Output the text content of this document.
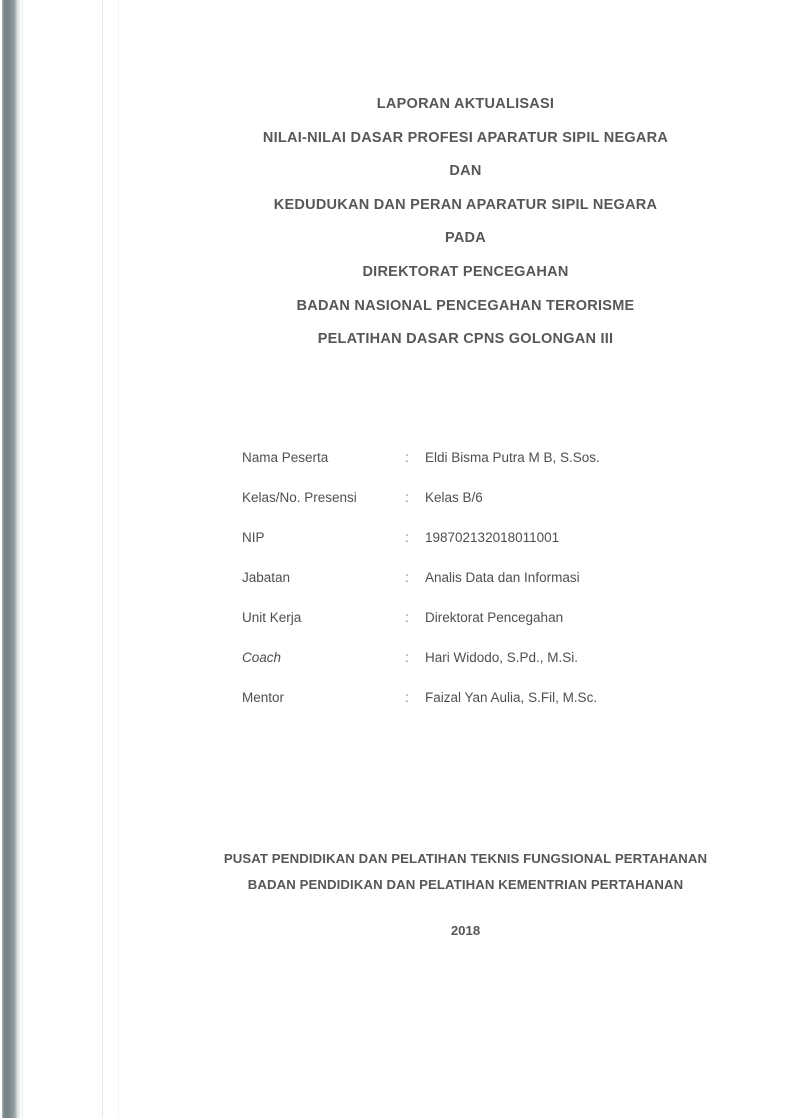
LAPORAN AKTUALISASI
NILAI-NILAI DASAR PROFESI APARATUR SIPIL NEGARA
DAN
KEDUDUKAN DAN PERAN APARATUR SIPIL NEGARA
PADA
DIREKTORAT PENCEGAHAN
BADAN NASIONAL PENCEGAHAN TERORISME
PELATIHAN DASAR CPNS GOLONGAN III
Nama Peserta	:	Eldi Bisma Putra M B, S.Sos.
Kelas/No. Presensi	:	Kelas B/6
NIP	:	198702132018011001
Jabatan	:	Analis Data dan Informasi
Unit Kerja	:	Direktorat Pencegahan
Coach	:	Hari Widodo, S.Pd., M.Si.
Mentor	:	Faizal Yan Aulia, S.Fil, M.Sc.
PUSAT PENDIDIKAN DAN PELATIHAN TEKNIS FUNGSIONAL PERTAHANAN
BADAN PENDIDIKAN DAN PELATIHAN KEMENTRIAN PERTAHANAN
2018
